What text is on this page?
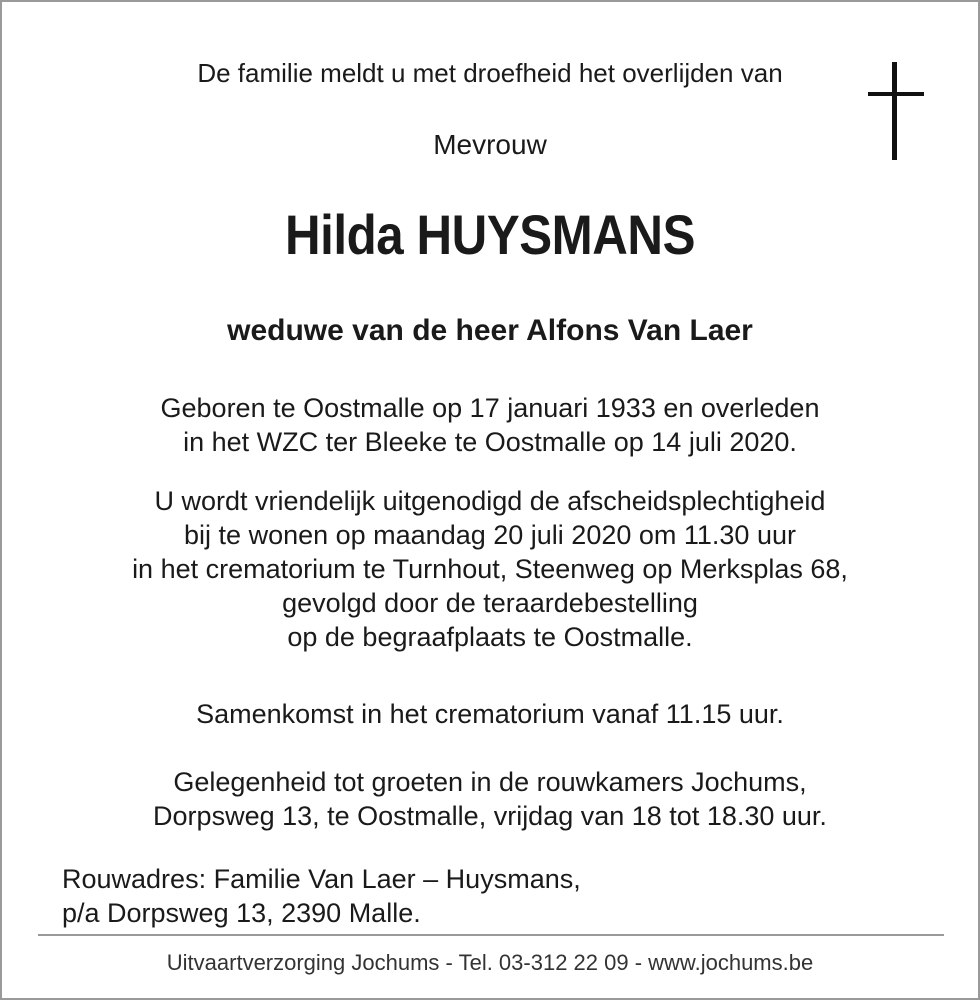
De familie meldt u met droefheid het overlijden van
Mevrouw
Hilda HUYSMANS
weduwe van de heer Alfons Van Laer
Geboren te Oostmalle op 17 januari 1933 en overleden
in het WZC ter Bleeke te Oostmalle op 14 juli 2020.
U wordt vriendelijk uitgenodigd de afscheidsplechtigheid
bij te wonen op maandag 20 juli 2020 om 11.30 uur
in het crematorium te Turnhout, Steenweg op Merksplas 68,
gevolgd door de teraardebestelling
op de begraafplaats te Oostmalle.
Samenkomst in het crematorium vanaf 11.15 uur.
Gelegenheid tot groeten in de rouwkamers Jochums,
Dorpsweg 13, te Oostmalle, vrijdag van 18 tot 18.30 uur.
Rouwadres: Familie Van Laer – Huysmans,
p/a Dorpsweg 13, 2390 Malle.
Uitvaartverzorging Jochums - Tel. 03-312 22 09 - www.jochums.be
